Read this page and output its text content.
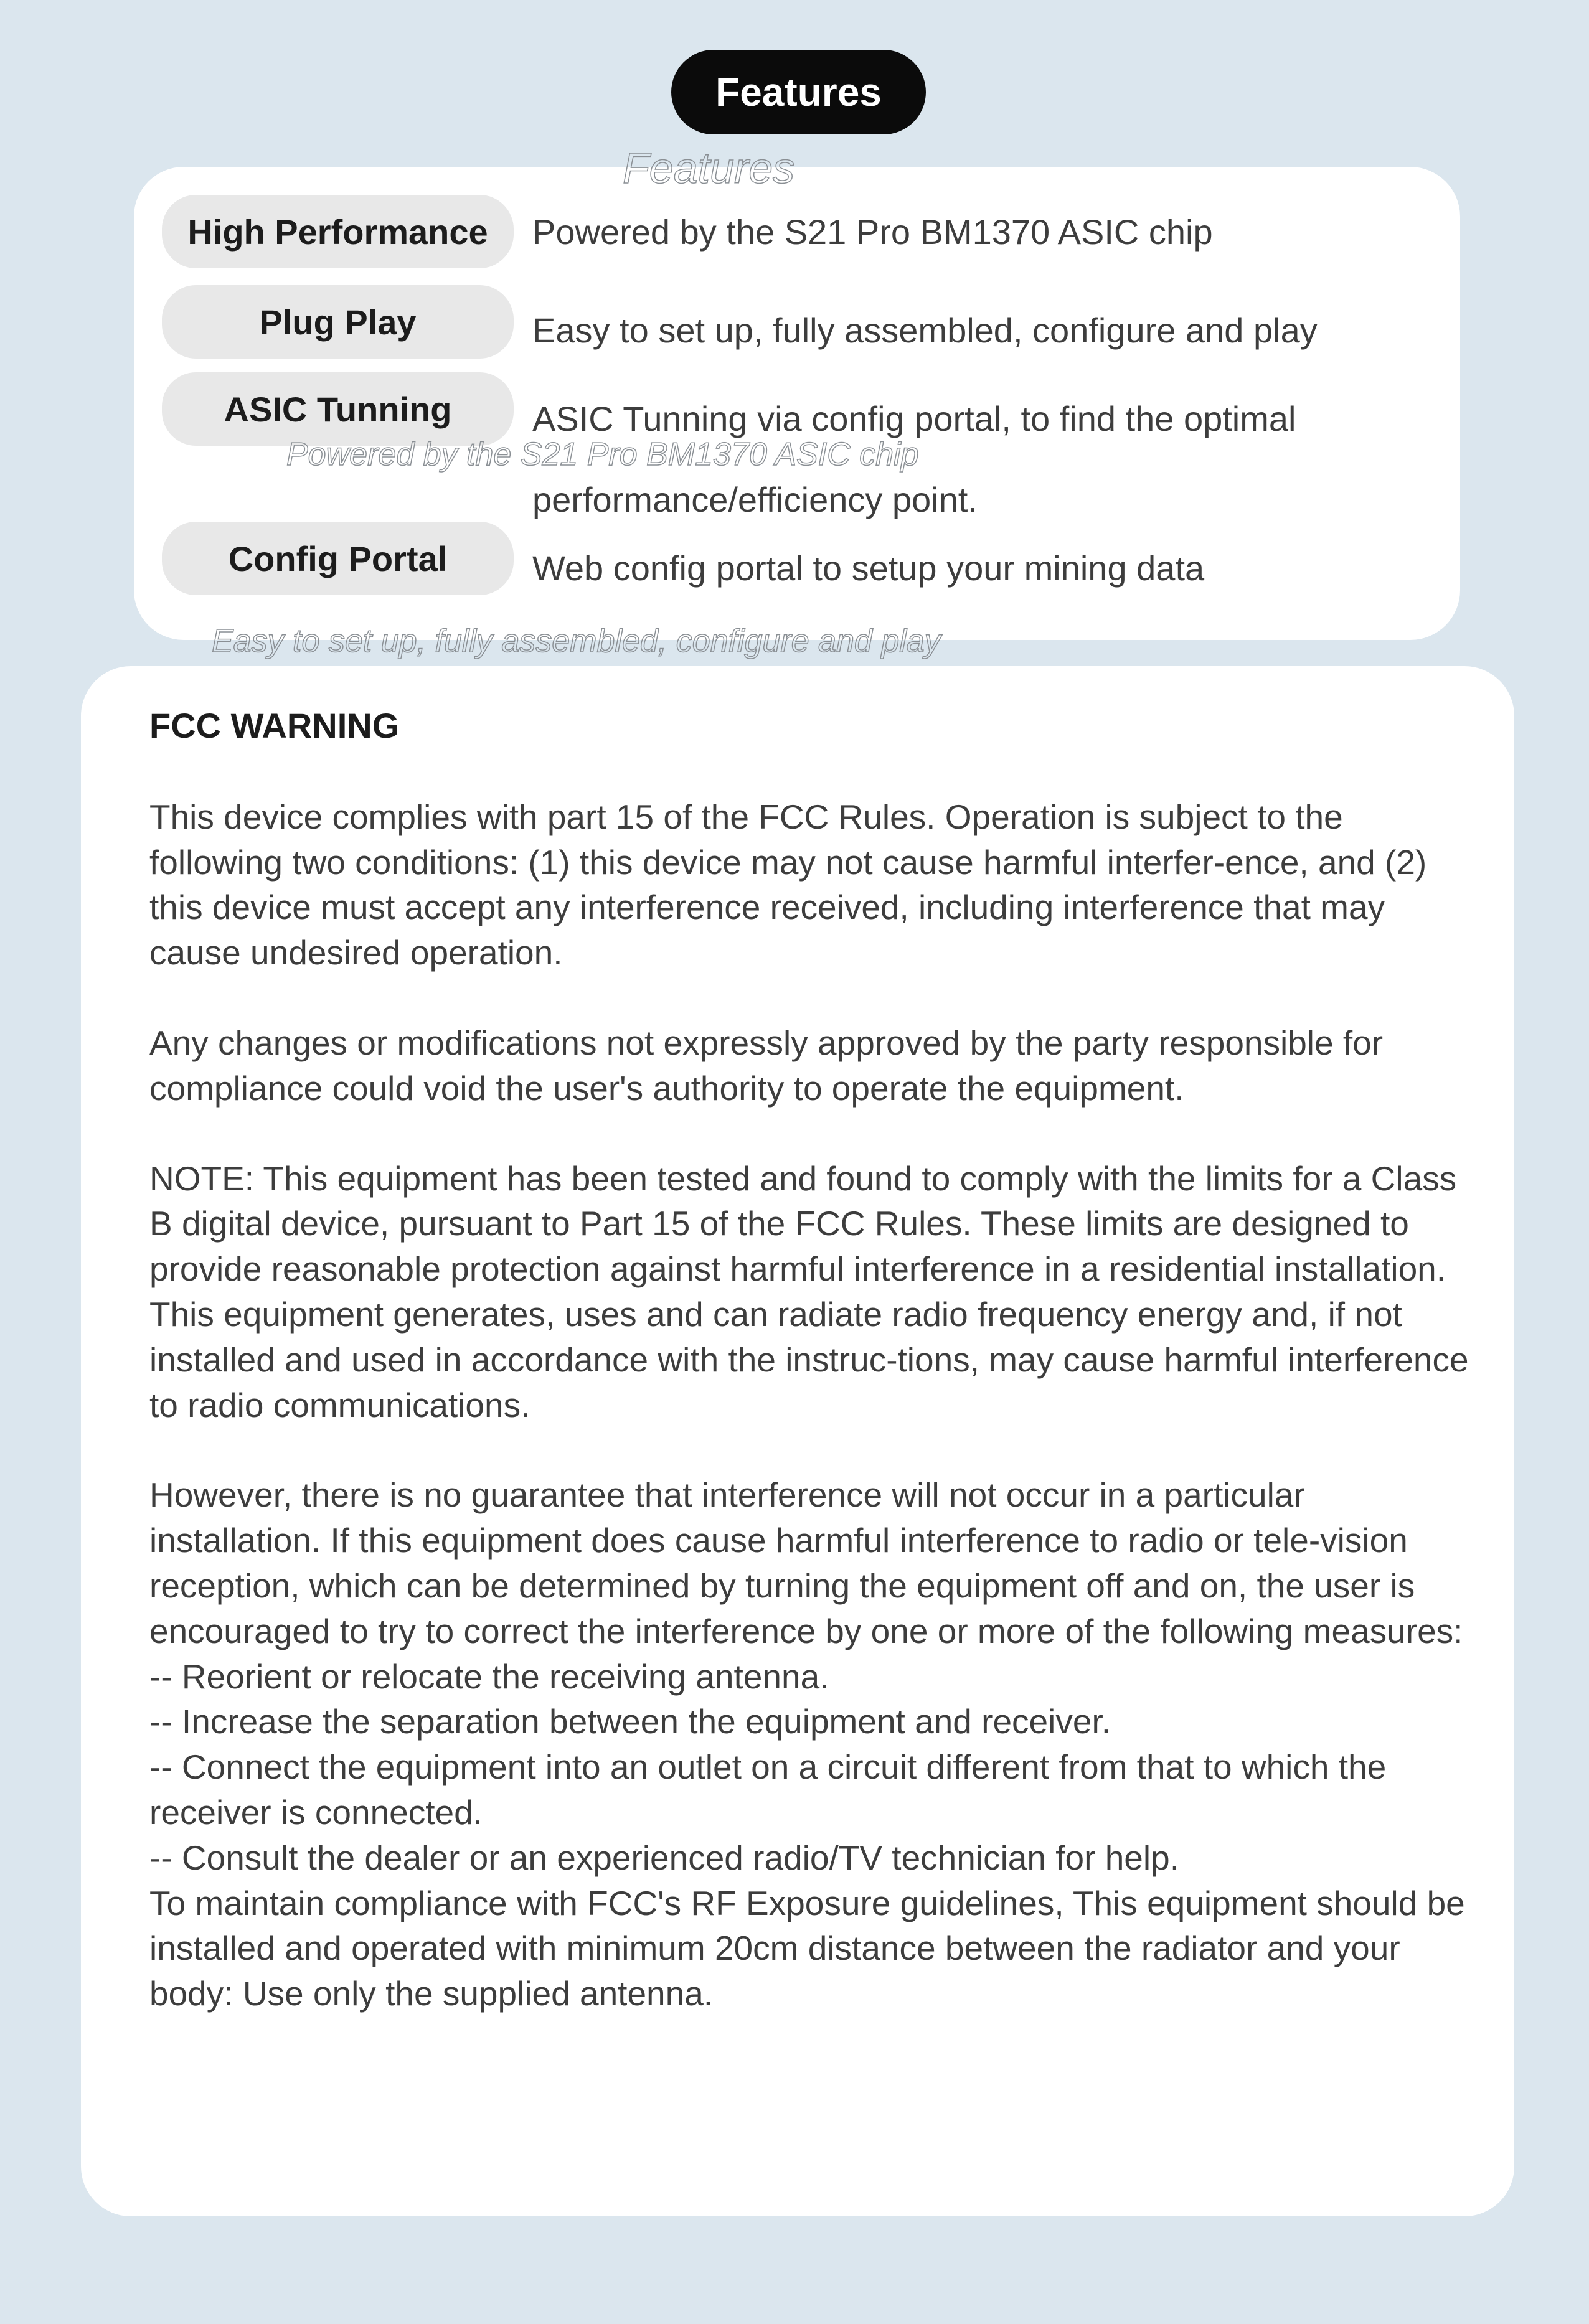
Features
High Performance	Powered by the S21 Pro BM1370 ASIC chip
Plug Play	Easy to set up, fully assembled, configure and play
ASIC Tunning	ASIC Tunning via config portal, to find the optimal performance/efficiency point.
Config Portal	Web config portal to setup your mining data
FCC WARNING

This device complies with part 15 of the FCC Rules. Operation is subject to the following two conditions: (1) this device may not cause harmful interfer-ence, and (2) this device must accept any interference received, including interference that may cause undesired operation.

Any changes or modifications not expressly approved by the party responsible for compliance could void the user's authority to operate the equipment.

NOTE: This equipment has been tested and found to comply with the limits for a Class B digital device, pursuant to Part 15 of the FCC Rules. These limits are designed to provide reasonable protection against harmful interference in a residential installation. This equipment generates, uses and can radiate radio frequency energy and, if not installed and used in accordance with the instruc-tions, may cause harmful interference to radio communications.

However, there is no guarantee that interference will not occur in a particular installation. If this equipment does cause harmful interference to radio or tele-vision reception, which can be determined by turning the equipment off and on, the user is encouraged to try to correct the interference by one or more of the following measures:

-- Reorient or relocate the receiving antenna.
-- Increase the separation between the equipment and receiver.
-- Connect the equipment into an outlet on a circuit different from that to which the receiver is connected.
-- Consult the dealer or an experienced radio/TV technician for help.

To maintain compliance with FCC's RF Exposure guidelines, This equipment should be installed and operated with minimum 20cm distance between the radiator and your body: Use only the supplied antenna.

Easy to set up, fully assembled, configure and play
